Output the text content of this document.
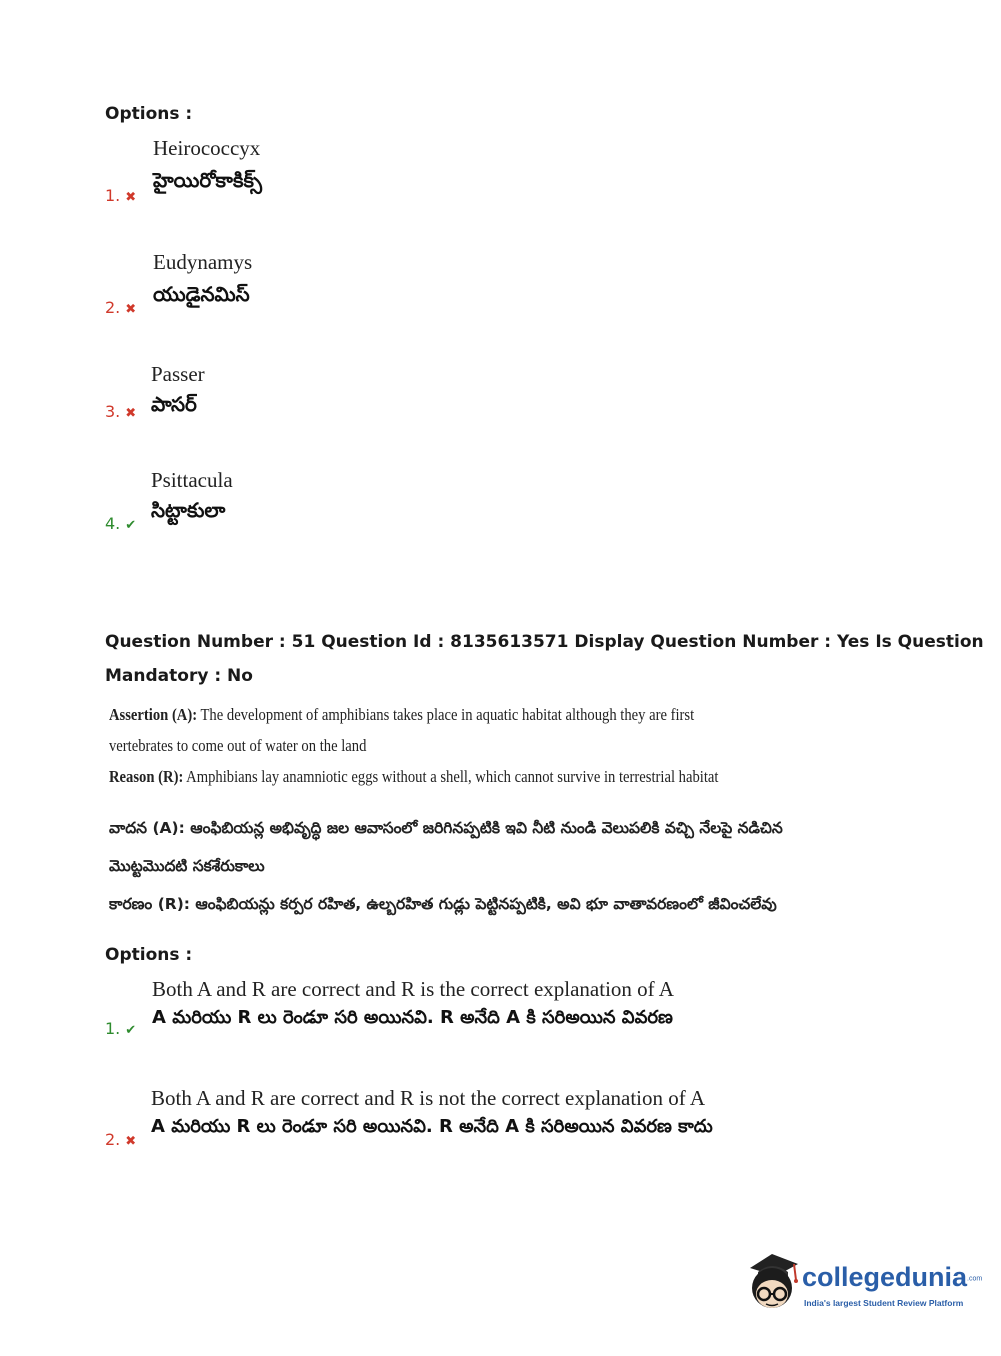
Options :
Heirococcyx
హైయిరోకాకిక్స్
1. ✖
Eudynamys
యుడైనమిస్
2. ✖
Passer
పాసర్
3. ✖
Psittacula
సిట్టాకులా
4. ✔
Question Number : 51 Question Id : 8135613571 Display Question Number : Yes Is Question
Mandatory : No
Assertion (A): The development of amphibians takes place in aquatic habitat although they are first
vertebrates to come out of water on the land
Reason (R): Amphibians lay anamniotic eggs without a shell, which cannot survive in terrestrial habitat
వాదన (A): ఆంఫిబియన్ల అభివృద్ధి జల ఆవాసంలో జరిగినప్పటికి ఇవి నీటి నుండి వెలుపలికి వచ్చి నేలపై నడిచిన
మొట్టమొదటి సకశేరుకాలు
కారణం (R): ఆంఫిబియన్లు కర్పర రహిత, ఉల్బరహిత గుడ్లు పెట్టినప్పటికి, అవి భూ వాతావరణంలో జీవించలేవు
Options :
Both A and R are correct and R is the correct explanation of A
A మరియు R లు రెండూ సరి అయినవి. R అనేది A కి సరిఅయిన వివరణ
1. ✔
Both A and R are correct and R is not the correct explanation of A
A మరియు R లు రెండూ సరి అయినవి. R అనేది A కి సరిఅయిన వివరణ కాదు
2. ✖
collegedunia.com
India's largest Student Review Platform
